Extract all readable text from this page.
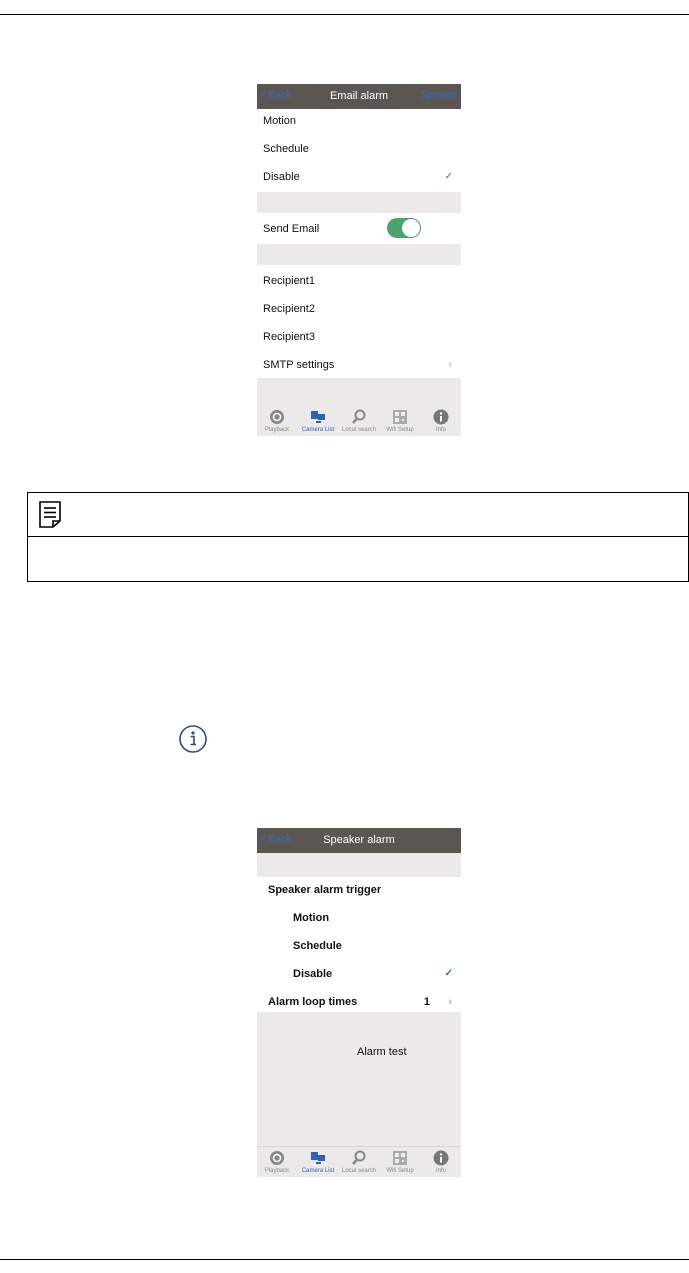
< Back	Email alarm	Speaker
Motion
Schedule
Disable	✓
Send Email
Recipient1
Recipient2
Recipient3
SMTP settings	›
Playback	Camera List	Local search	Wifi Setup	Info
< Back	Speaker alarm
Speaker alarm trigger
Motion
Schedule
Disable	✓
Alarm loop times	1 ›
Alarm test
Playback	Camera List	Local search	Wifi Setup	Info
